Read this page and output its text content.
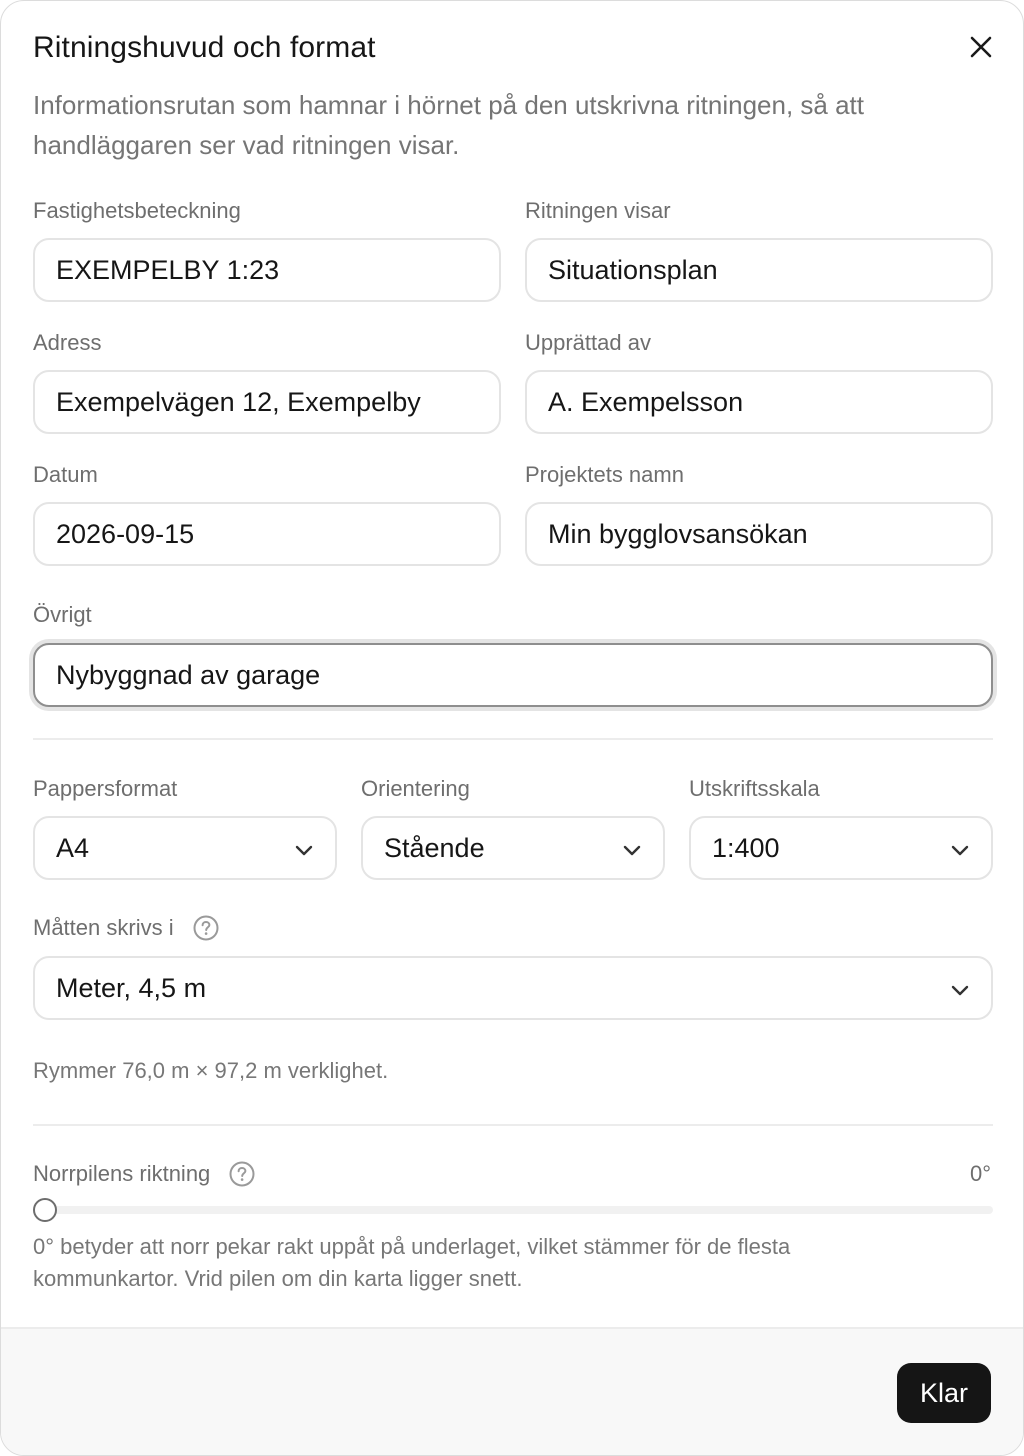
Ritningshuvud och format
Informationsrutan som hamnar i hörnet på den utskrivna ritningen, så att handläggaren ser vad ritningen visar.
Fastighetsbeteckning
EXEMPELBY 1:23
Ritningen visar
Situationsplan
Adress
Exempelvägen 12, Exempelby
Upprättad av
A. Exempelsson
Datum
2026-09-15
Projektets namn
Min bygglovsansökan
Övrigt
Nybyggnad av garage
Pappersformat
A4
Orientering
Stående
Utskriftsskala
1:400
Måtten skrivs i
Meter, 4,5 m
Rymmer 76,0 m × 97,2 m verklighet.
Norrpilens riktning	0°
0° betyder att norr pekar rakt uppåt på underlaget, vilket stämmer för de flesta kommunkartor. Vrid pilen om din karta ligger snett.
Klar
